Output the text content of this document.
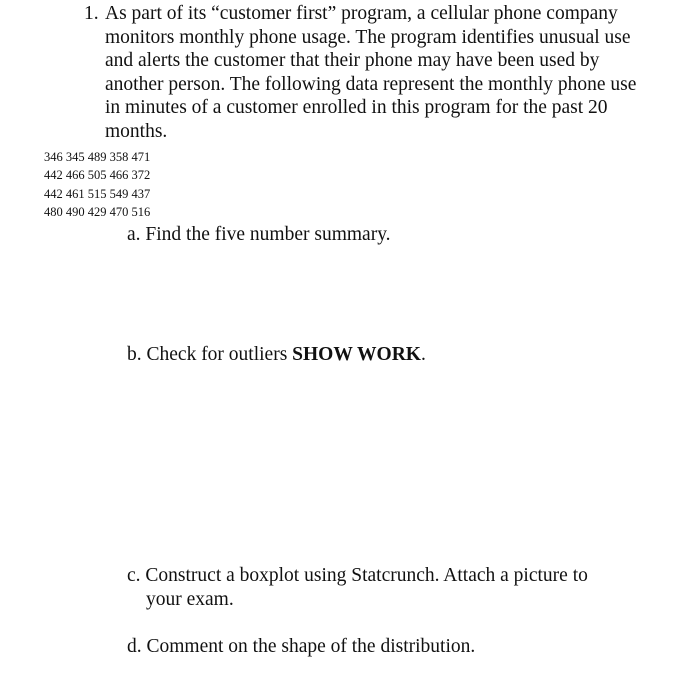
1. As part of its “customer first” program, a cellular phone company monitors monthly phone usage. The program identifies unusual use and alerts the customer that their phone may have been used by another person. The following data represent the monthly phone use in minutes of a customer enrolled in this program for the past 20 months.
346 345 489 358 471
442 466 505 466 372
442 461 515 549 437
480 490 429 470 516
a. Find the five number summary.
b. Check for outliers SHOW WORK.
c. Construct a boxplot using Statcrunch. Attach a picture to
your exam.
d. Comment on the shape of the distribution.
